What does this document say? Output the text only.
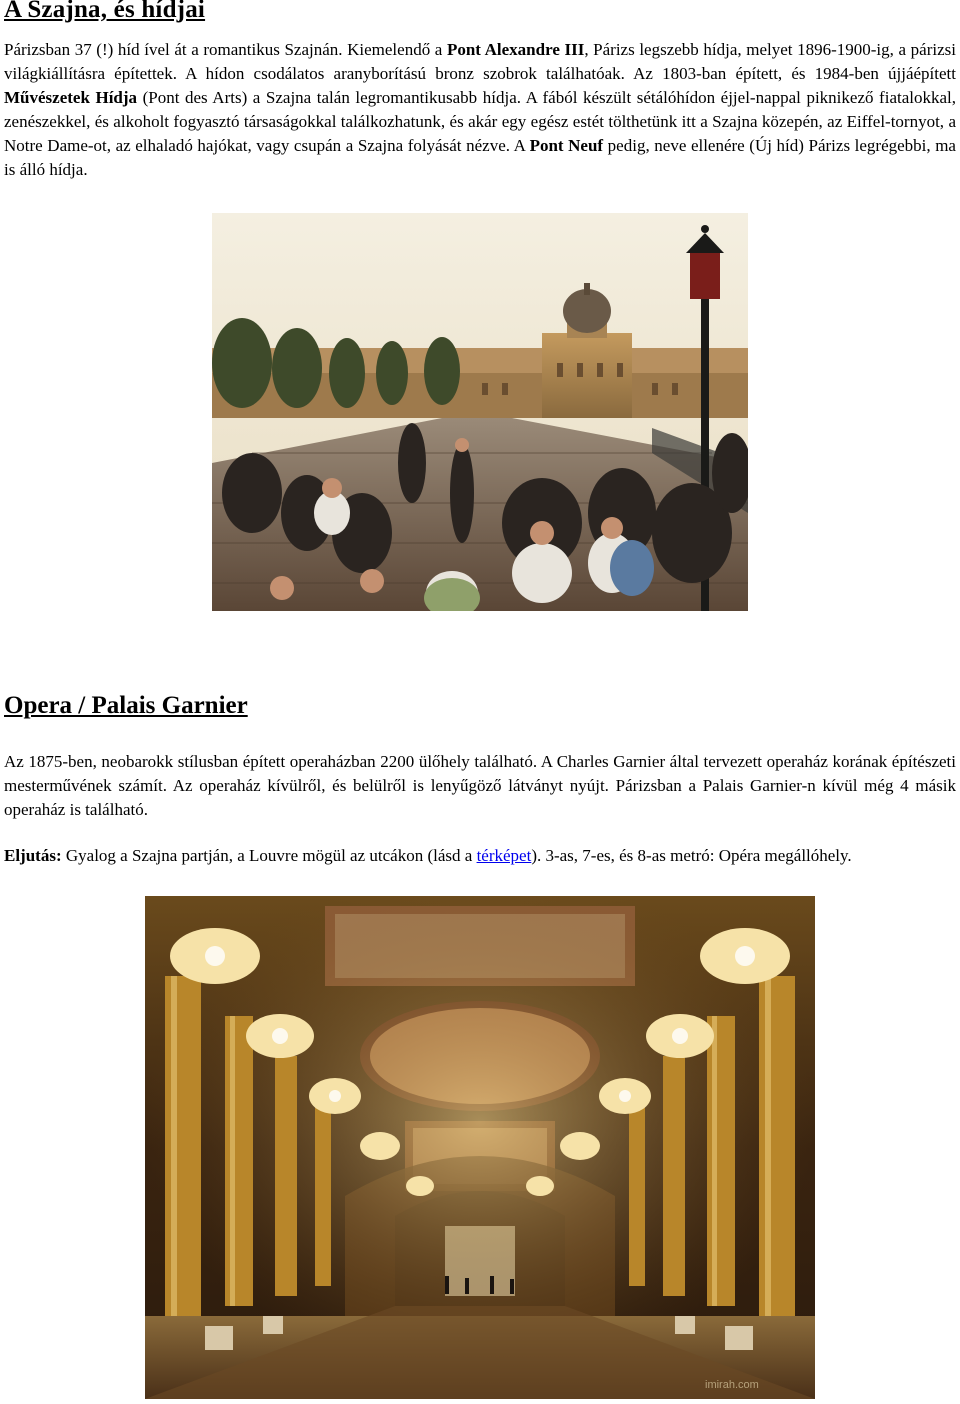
A Szajna, és hídjai

Párizsban 37 (!) híd ível át a romantikus Szajnán. Kiemelendő a Pont Alexandre III, Párizs legszebb hídja, melyet 1896-1900-ig, a párizsi világkiállításra építettek. A hídon csodálatos aranyborítású bronz szobrok találhatóak. Az 1803-ban épített, és 1984-ben újjáépített Művészetek Hídja (Pont des Arts) a Szajna talán legromantikusabb hídja. A fából készült sétálóhídon éjjel-nappal piknikező fiatalokkal, zenészekkel, és alkoholt fogyasztó társaságokkal találkozhatunk, és akár egy egész estét tölthetünk itt a Szajna közepén, az Eiffel-tornyot, a Notre Dame-ot, az elhaladó hajókat, vagy csupán a Szajna folyását nézve. A Pont Neuf pedig, neve ellenére (Új híd) Párizs legrégebbi, ma is álló hídja.

Opera / Palais Garnier

Az 1875-ben, neobarokk stílusban épített operaházban 2200 ülőhely található. A Charles Garnier által tervezett operaház korának építészeti mesterművének számít. Az operaház kívülről, és belülről is lenyűgöző látványt nyújt. Párizsban a Palais Garnier-n kívül még 4 másik operaház is található.

Eljutás: Gyalog a Szajna partján, a Louvre mögül az utcákon (lásd a térképet). 3-as, 7-es, és 8-as metró: Opéra megállóhely.

imirah.com
